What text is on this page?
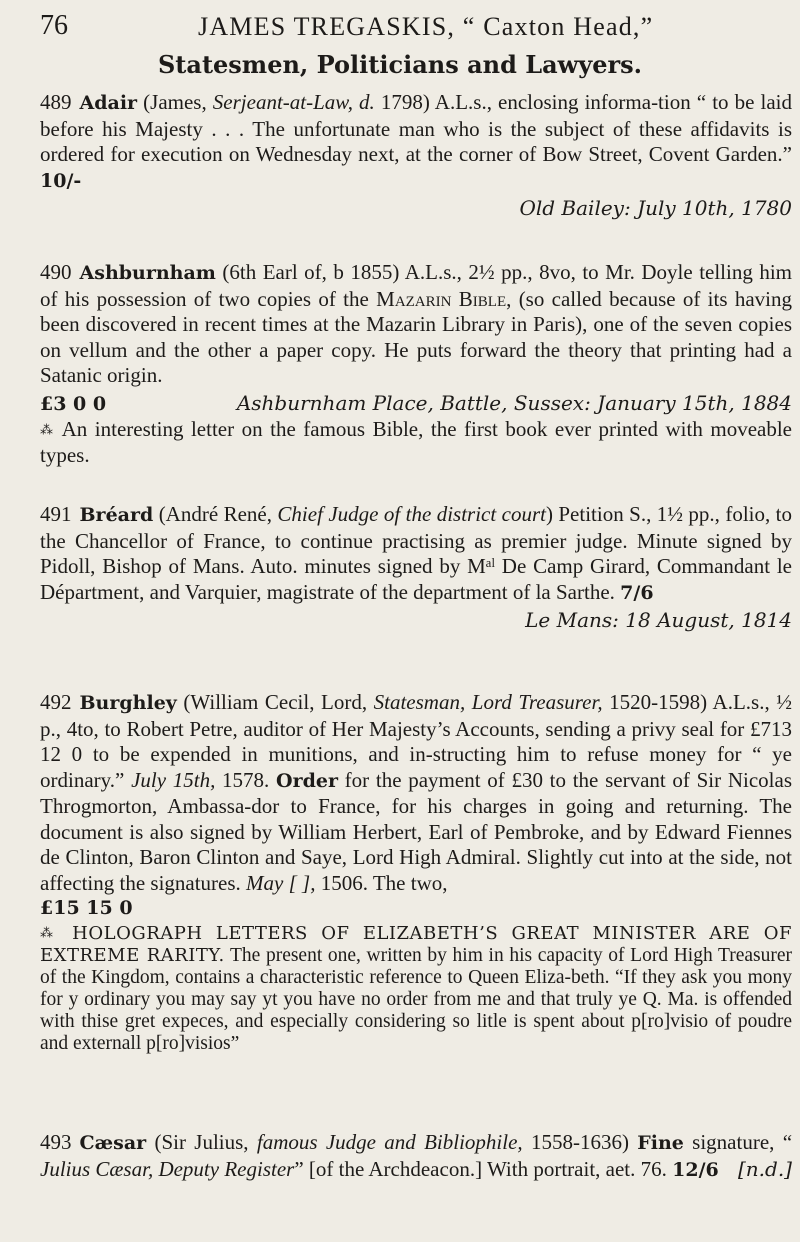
76	JAMES TREGASKIS, “ Caxton Head,”
Statesmen, Politicians and Lawyers.
489 Adair (James, Serjeant-at-Law, d. 1798) A.L.s., enclosing informa-tion “ to be laid before his Majesty . . . The unfortunate man who is the subject of these affidavits is ordered for execution on Wednesday next, at the corner of Bow Street, Covent Garden.” 10/-
Old Bailey: July 10th, 1780
490 Ashburnham (6th Earl of, b 1855) A.L.s., 2½ pp., 8vo, to Mr. Doyle telling him of his possession of two copies of the Mazarin Bible, (so called because of its having been discovered in recent times at the Mazarin Library in Paris), one of the seven copies on vellum and the other a paper copy. He puts forward the theory that printing had a Satanic origin.
£3 0 0	Ashburnham Place, Battle, Sussex: January 15th, 1884
⁂ An interesting letter on the famous Bible, the first book ever printed with moveable types.
491 Bréard (André René, Chief Judge of the district court) Petition S., 1½ pp., folio, to the Chancellor of France, to continue practising as premier judge. Minute signed by Pidoll, Bishop of Mans. Auto. minutes signed by Mᵃˡ De Camp Girard, Commandant le Départment, and Varquier, magistrate of the department of la Sarthe. 7/6
Le Mans: 18 August, 1814
492 Burghley (William Cecil, Lord, Statesman, Lord Treasurer, 1520-1598) A.L.s., ½ p., 4to, to Robert Petre, auditor of Her Majesty’s Accounts, sending a privy seal for £713 12 0 to be expended in munitions, and in-structing him to refuse money for “ ye ordinary.” July 15th, 1578. Order for the payment of £30 to the servant of Sir Nicolas Throgmorton, Ambassa-dor to France, for his charges in going and returning. The document is also signed by William Herbert, Earl of Pembroke, and by Edward Fiennes de Clinton, Baron Clinton and Saye, Lord High Admiral. Slightly cut into at the side, not affecting the signatures. May [ ], 1506. The two,
£15 15 0
⁂ HOLOGRAPH LETTERS OF ELIZABETH’S GREAT MINISTER ARE OF EXTREME RARITY. The present one, written by him in his capacity of Lord High Treasurer of the Kingdom, contains a characteristic reference to Queen Eliza-beth. “If they ask you mony for y ordinary you may say yt you have no order from me and that truly ye Q. Ma. is offended with thise gret expeces, and especially considering so litle is spent about p[ro]visio of poudre and externall p[ro]visios”
493 Cæsar (Sir Julius, famous Judge and Bibliophile, 1558-1636) Fine signature, “ Julius Cæsar, Deputy Register” [of the Archdeacon.] With portrait, aet. 76. 12/6 [n.d.]
